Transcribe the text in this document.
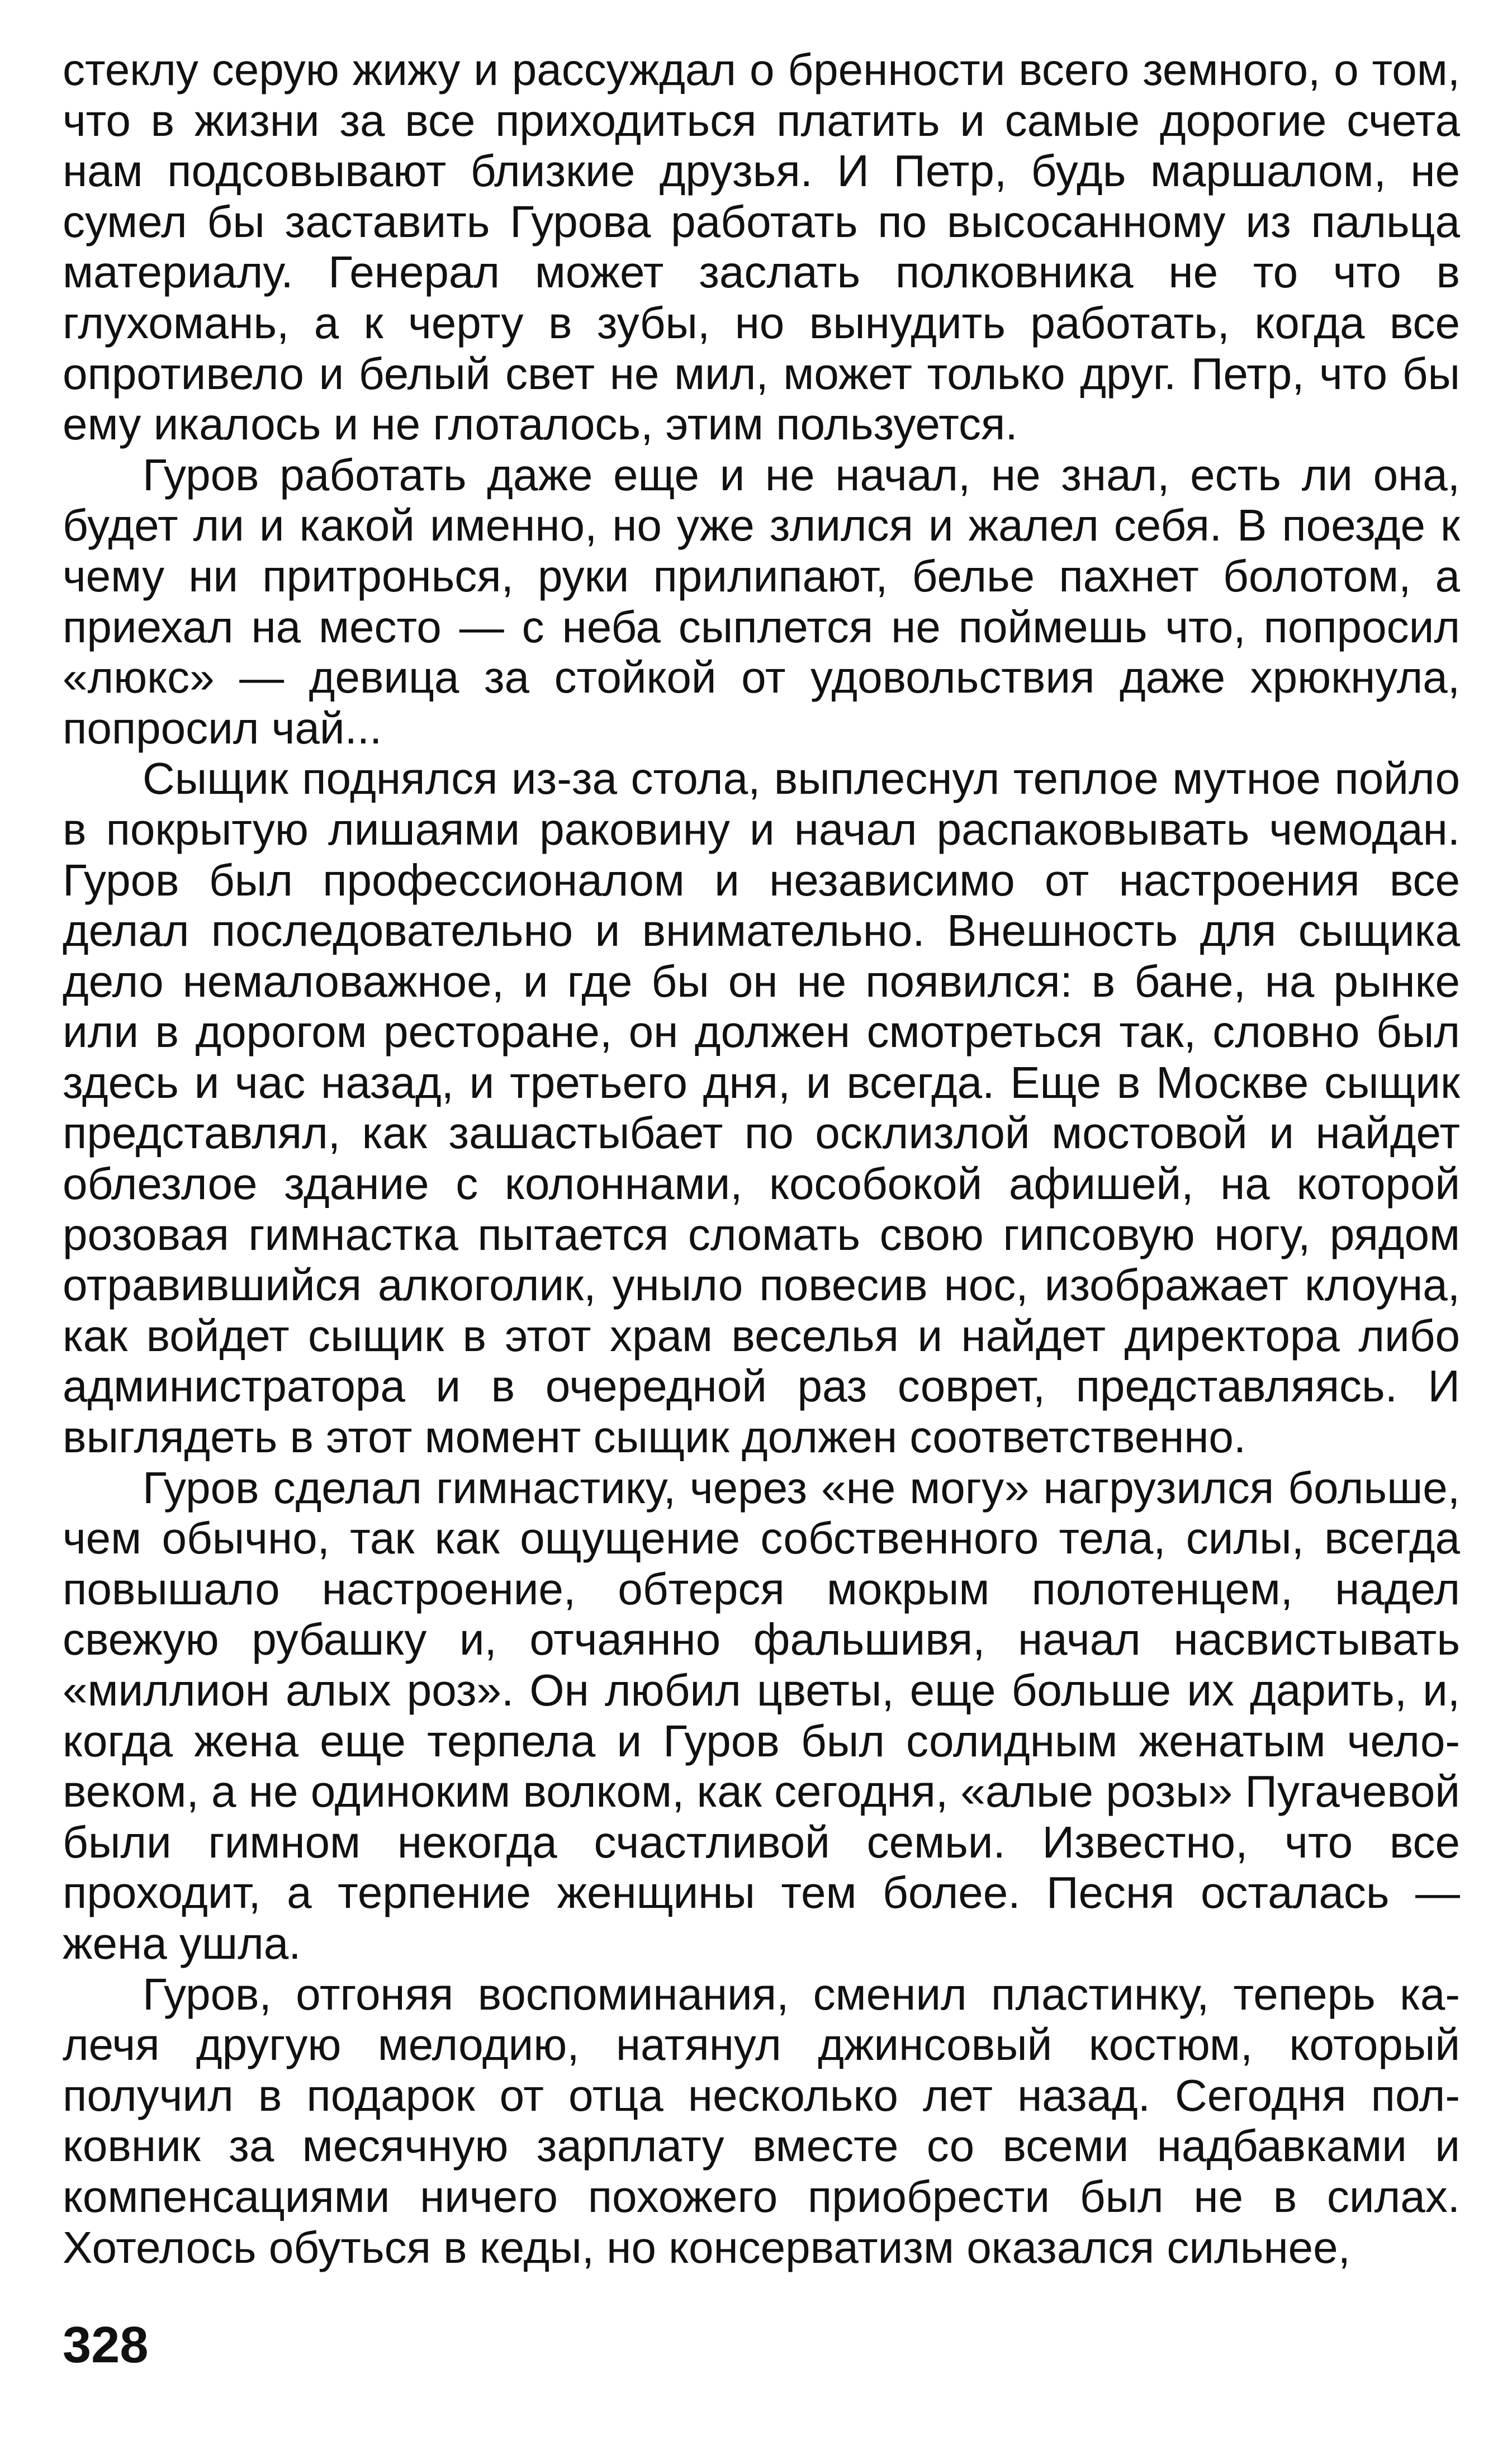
стеклу серую жижу и рассуждал о бренности всего земного, о том, что в жизни за все приходиться платить и самые дорогие счета нам подсовывают близкие друзья. И Петр, будь маршалом, не сумел бы заставить Гурова работать по высосанному из пальца материалу. Генерал может заслать полковника не то что в глухомань, а к черту в зубы, но вынудить работать, когда все опротивело и белый свет не мил, может только друг. Петр, что бы ему икалось и не глоталось, этим пользуется.

Гуров работать даже еще и не начал, не знал, есть ли она, будет ли и какой именно, но уже злился и жалел себя. В поезде к чему ни притронься, руки прилипают, белье пахнет болотом, а приехал на место — с неба сыплется не поймешь что, попросил «люкс» — девица за стойкой от удовольствия даже хрюкнула, попросил чай...

Сыщик поднялся из-за стола, выплеснул теплое мутное пойло в покрытую лишаями раковину и начал распаковывать чемодан. Гуров был профессионалом и независимо от настроения все делал последовательно и внимательно. Внешность для сыщика дело немаловажное, и где бы он не появился: в бане, на рынке или в дорогом ресторане, он должен смотреться так, словно был здесь и час назад, и третьего дня, и всегда. Еще в Москве сыщик представлял, как зашастыбает по осклизлой мостовой и найдет облезлое здание с колоннами, кособокой афишей, на которой розовая гимнастка пытается сломать свою гипсовую ногу, рядом отравившийся алкоголик, уныло повесив нос, изображает клоуна, как войдет сыщик в этот храм веселья и найдет директора либо администратора и в очередной раз соврет, представляясь. И выглядеть в этот момент сыщик должен соответственно.

Гуров сделал гимнастику, через «не могу» нагрузился больше, чем обычно, так как ощущение собственного тела, силы, всегда повышало настроение, обтерся мокрым полотенцем, надел свежую рубашку и, отчаянно фальшивя, начал насвистывать «миллион алых роз». Он любил цветы, еще больше их дарить, и, когда жена еще терпела и Гуров был солидным женатым человеком, а не одиноким волком, как сегодня, «алые розы» Пугачевой были гимном некогда счастливой семьи. Известно, что все проходит, а терпение женщины тем более. Песня осталась — жена ушла.

Гуров, отгоняя воспоминания, сменил пластинку, теперь калечя другую мелодию, натянул джинсовый костюм, который получил в подарок от отца несколько лет назад. Сегодня полковник за месячную зарплату вместе со всеми надбавками и компенсациями ничего похожего приобрести был не в силах. Хотелось обуться в кеды, но консерватизм оказался сильнее,

328
